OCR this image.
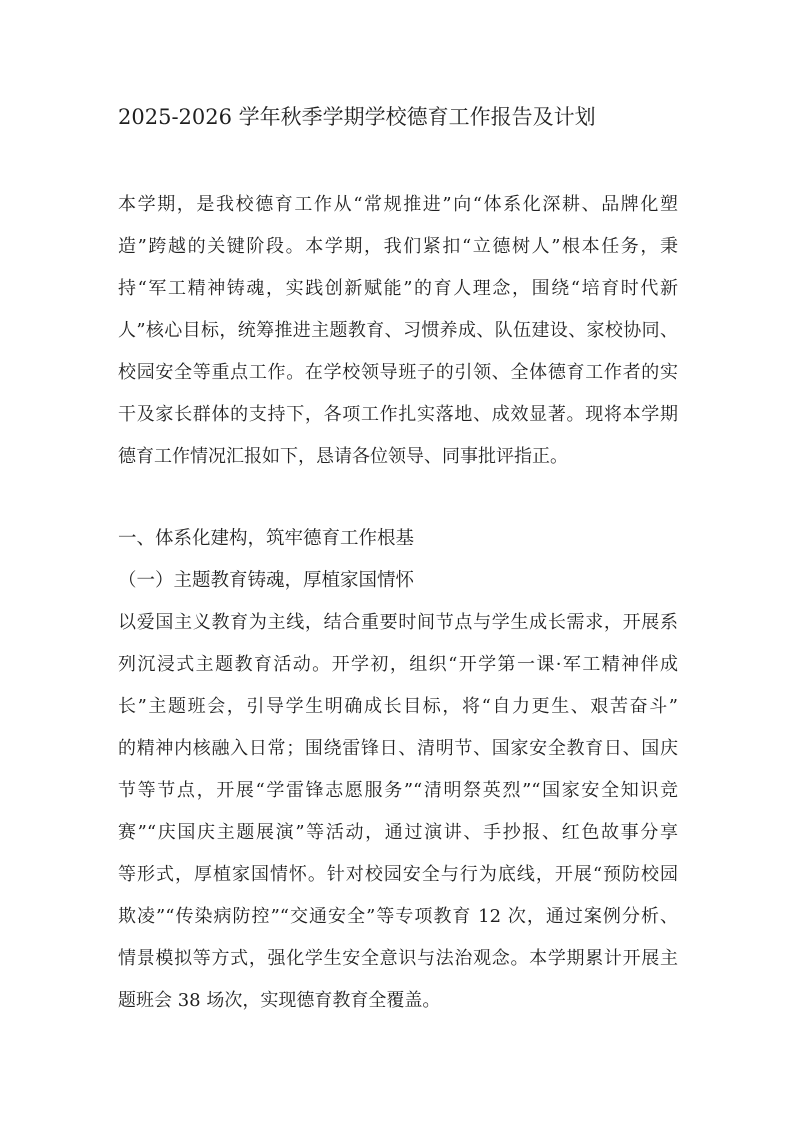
2025-2026 学年秋季学期学校德育工作报告及计划
本学期，是我校德育工作从“常规推进”向“体系化深耕、品牌化塑
造”跨越的关键阶段。本学期，我们紧扣“立德树人”根本任务，秉
持“军工精神铸魂，实践创新赋能”的育人理念，围绕“培育时代新
人”核心目标，统筹推进主题教育、习惯养成、队伍建设、家校协同、
校园安全等重点工作。在学校领导班子的引领、全体德育工作者的实
干及家长群体的支持下，各项工作扎实落地、成效显著。现将本学期
德育工作情况汇报如下，恳请各位领导、同事批评指正。
一、体系化建构，筑牢德育工作根基
（一）主题教育铸魂，厚植家国情怀
以爱国主义教育为主线，结合重要时间节点与学生成长需求，开展系
列沉浸式主题教育活动。开学初，组织“开学第一课·军工精神伴成
长”主题班会，引导学生明确成长目标，将“自力更生、艰苦奋斗”
的精神内核融入日常；围绕雷锋日、清明节、国家安全教育日、国庆
节等节点，开展“学雷锋志愿服务”“清明祭英烈”“国家安全知识竞
赛”“庆国庆主题展演”等活动，通过演讲、手抄报、红色故事分享
等形式，厚植家国情怀。针对校园安全与行为底线，开展“预防校园
欺凌”“传染病防控”“交通安全”等专项教育 12 次，通过案例分析、
情景模拟等方式，强化学生安全意识与法治观念。本学期累计开展主
题班会 38 场次，实现德育教育全覆盖。
